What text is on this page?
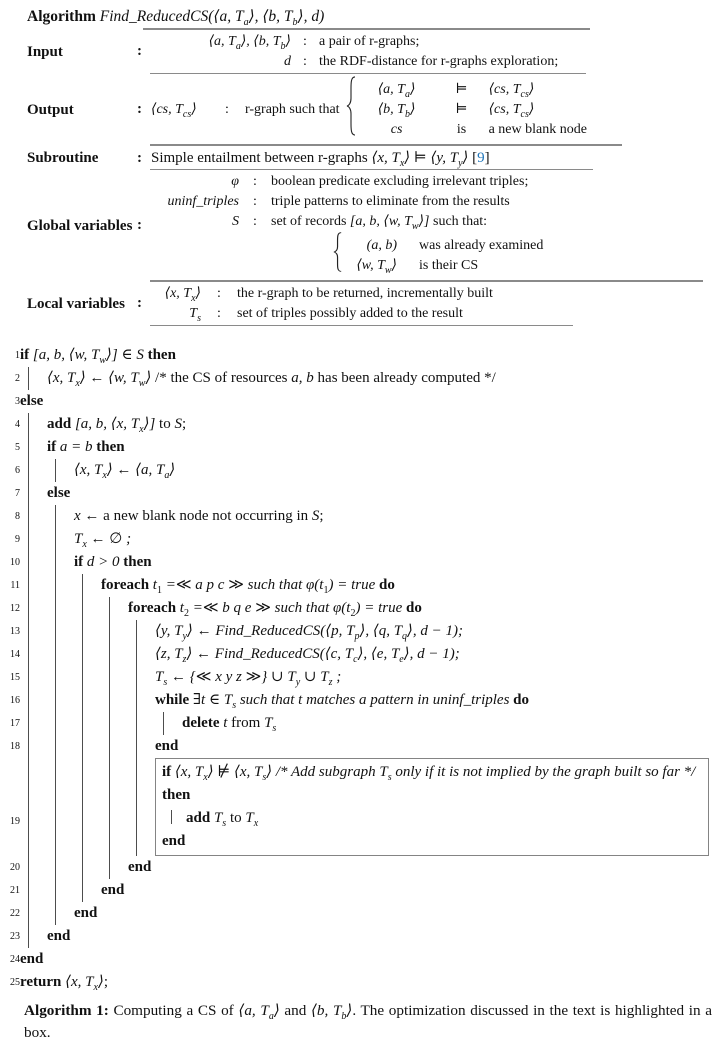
Algorithm Find_ReducedCS(⟨a, $T_a⟩$, ⟨b, $T_b⟩$, d)
Input	:
⟨a, $T_a⟩$, ⟨b, $T_b⟩$ : a pair of r-graphs;
d : the RDF-distance for r-graphs exploration;
Output	: ⟨cs, $T_{cs}⟩$	:	r-graph such that
⟨a, $T_a⟩$	⊨	⟨cs, $T_{cs}⟩$
⟨b, $T_b⟩$	⊨	⟨cs, $T_{cs}⟩$
cs	is	a new blank node
Subroutine	: Simple entailment between r-graphs ⟨x, $T_x⟩$ ⊨ ⟨y, $T_y⟩$ [9]
Global variables :
φ	:	boolean predicate excluding irrelevant triples;
uninf_triples	:	triple patterns to eliminate from the results
S	:	set of records [a, b, ⟨w, $T_w⟩$] such that:
(a, b) was already examined
⟨w, $T_w⟩$ is their CS
Local variables :
⟨x, $T_x⟩$	:	the r-graph to be returned, incrementally built
$T_s$	:	set of triples possibly added to the result
1 if [a, b, ⟨w, $T_w⟩$] ∈ S then
2 ⟨x, $T_x⟩$ ← ⟨w, $T_w⟩$ /* the CS of resources a, b has been already computed */
3 else
4 add [a, b, ⟨x, $T_x⟩$] to S;
5 if a = b then
6	⟨x, $T_x⟩$ ← ⟨a, $T_a⟩$
7 else
8	x ← a new blank node not occurring in S;
9	$T_x$ ← ∅ ;
10	if d > 0 then
11	foreach $t_1$ =≪ a p c ≫ such that $\varphi(t_1)$ = true do
12	foreach $t_2$ =≪ b q e ≫ such that $\varphi(t_2)$ = true do
13	⟨y, $T_y⟩$ ← Find_ReducedCS(⟨p, $T_p⟩$, ⟨q, $T_q⟩$, d − 1);
14	⟨z, $T_z⟩$ ← Find_ReducedCS(⟨c, $T_c⟩$, ⟨e, $T_e⟩$, d − 1);
15	$T_s$ ← {≪ x y z ≫} ∪ $T_y$ ∪ $T_z$ ;
16	while ∃t ∈ $T_s$ such that t matches a pattern in uninf_triples do
17	delete t from $T_s$
18	end
19
if ⟨x, $T_x⟩$ ⊭ ⟨x, $T_s⟩$ /* Add subgraph $T_s$ only if it is not implied by the graph built so far */
then
add $T_s$ to $T_x$
end
20	end
21	end
22	end
23 end
24 end
25 return ⟨x, $T_x⟩$;
Algorithm 1: Computing a CS of ⟨a, $T_a⟩$ and ⟨b, $T_b⟩$. The optimization discussed in the text is highlighted in a box.
